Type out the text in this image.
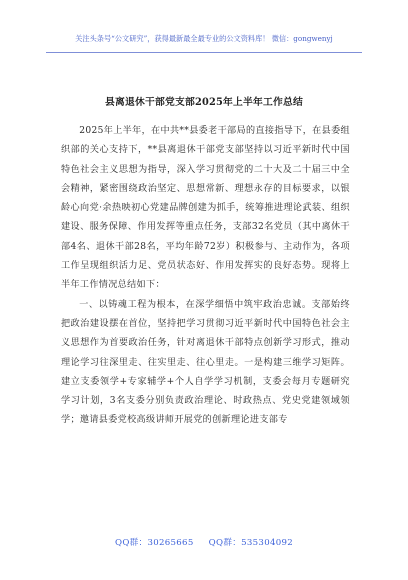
关注头条号“公文研究”，获得最新最全最专业的公文资料库！ 微信：gongwenyj
县离退休干部党支部2025年上半年工作总结

2025年上半年，在中共**县委老干部局的直接指导下，在县委组织部的关心支持下，**县离退休干部党支部坚持以习近平新时代中国特色社会主义思想为指导，深入学习贯彻党的二十大及二十届三中全会精神，紧密围绕政治坚定、思想常新、理想永存的目标要求，以银龄心向党·余热映初心党建品牌创建为抓手，统筹推进理论武装、组织建设、服务保障、作用发挥等重点任务，支部32名党员（其中离休干部4名、退休干部28名，平均年龄72岁）积极参与、主动作为，各项工作呈现组织活力足、党员状态好、作用发挥实的良好态势。现将上半年工作情况总结如下：

一、以铸魂工程为根本，在深学细悟中筑牢政治忠诚。支部始终把政治建设摆在首位，坚持把学习贯彻习近平新时代中国特色社会主义思想作为首要政治任务，针对离退休干部特点创新学习形式，推动理论学习往深里走、往实里走、往心里走。一是构建三维学习矩阵。建立支委领学+专家辅学+个人自学学习机制，支委会每月专题研究学习计划，3名支委分别负责政治理论、时政热点、党史党建领域领学；邀请县委党校高级讲师开展党的创新理论进支部专

QQ群：30265665 QQ群：535304092
